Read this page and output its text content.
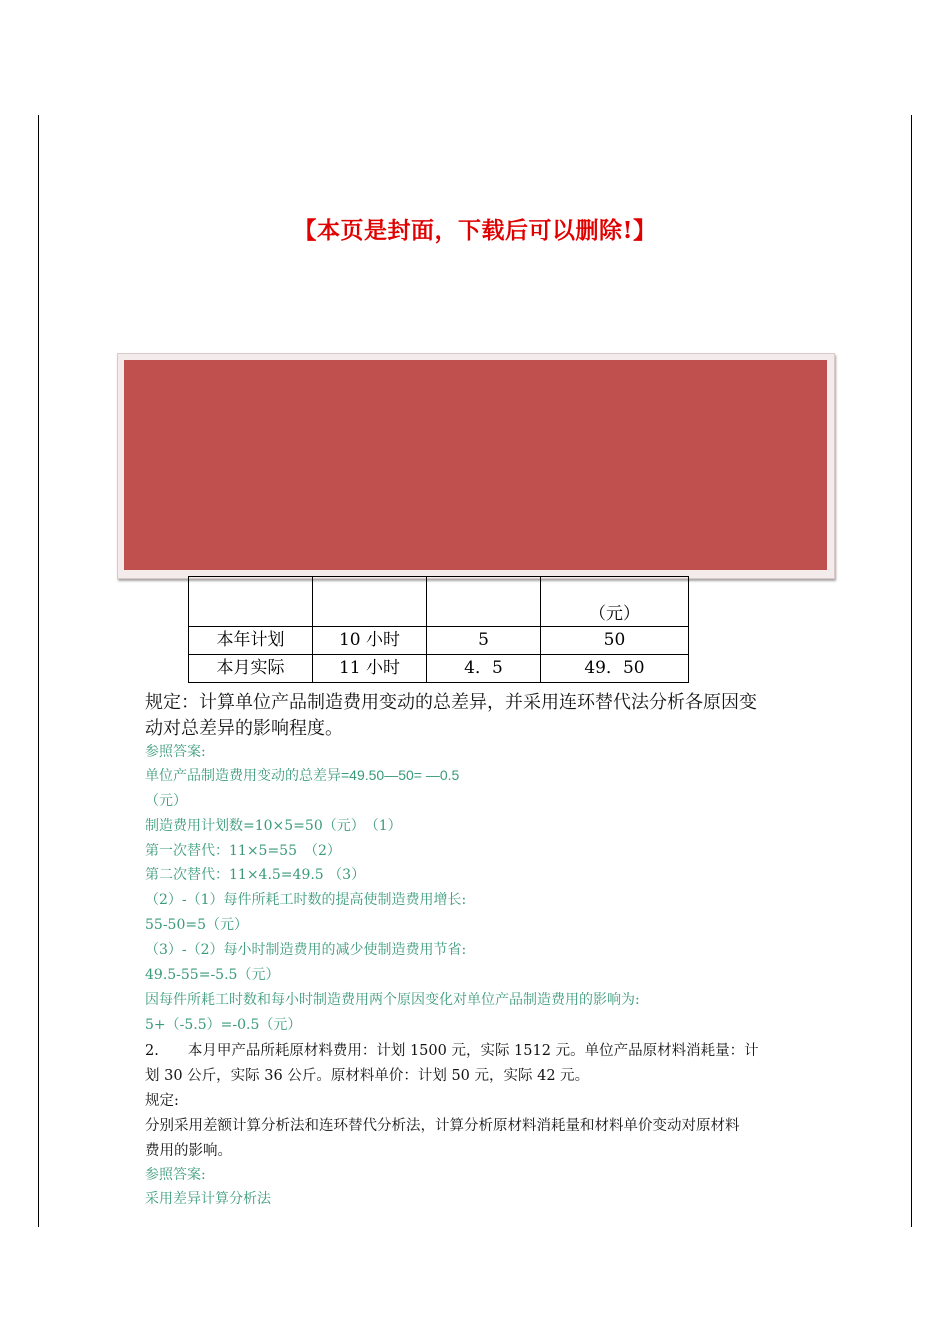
【本页是封面，下载后可以删除!】
			（元）
本年计划	10 小时	5	50
本月实际	11 小时	4．5	49．50
规定：计算单位产品制造费用变动的总差异，并采用连环替代法分析各原因变
动对总差异的影响程度。
参照答案:
单位产品制造费用变动的总差异=49.50—50= —0.5
（元）
制造费用计划数=10×5=50（元）　（1）
第一次替代：11×5=55　（2）
第二次替代：11×4.5=49.5 （3）
（2）-（1）每件所耗工时数的提高使制造费用增长:
55-50=5（元）
（3）-（2）每小时制造费用的减少使制造费用节省:
49.5-55=-5.5（元）
因每件所耗工时数和每小时制造费用两个原因变化对单位产品制造费用的影响为:
5+（-5.5）=-0.5（元）
2.　　本月甲产品所耗原材料费用：计划 1500 元，实际 1512 元。单位产品原材料消耗量：计
划 30 公斤，实际 36 公斤。原材料单价：计划 50 元，实际 42 元。
规定:
分别采用差额计算分析法和连环替代分析法，计算分析原材料消耗量和材料单价变动对原材料
费用的影响。
参照答案:
采用差异计算分析法
